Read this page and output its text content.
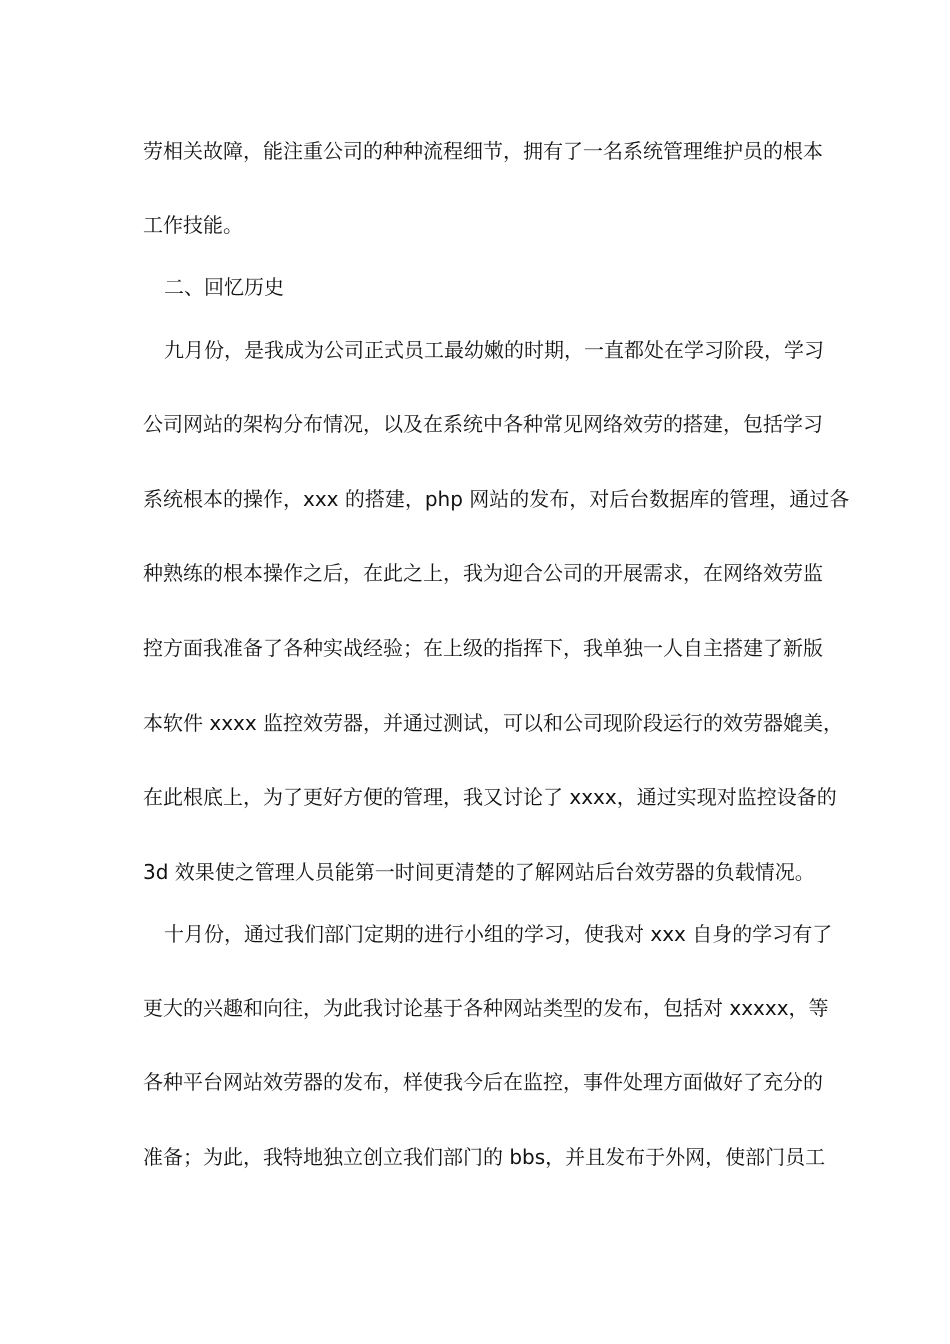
劳相关故障，能注重公司的种种流程细节，拥有了一名系统管理维护员的根本
工作技能。
二、回忆历史
九月份，是我成为公司正式员工最幼嫩的时期，一直都处在学习阶段，学习
公司网站的架构分布情况，以及在系统中各种常见网络效劳的搭建，包括学习
系统根本的操作，xxx 的搭建，php 网站的发布，对后台数据库的管理，通过各
种熟练的根本操作之后，在此之上，我为迎合公司的开展需求，在网络效劳监
控方面我准备了各种实战经验；在上级的指挥下，我单独一人自主搭建了新版
本软件 xxxx 监控效劳器，并通过测试，可以和公司现阶段运行的效劳器媲美，
在此根底上，为了更好方便的管理，我又讨论了 xxxx，通过实现对监控设备的
3d 效果使之管理人员能第一时间更清楚的了解网站后台效劳器的负载情况。
十月份，通过我们部门定期的进行小组的学习，使我对 xxx 自身的学习有了
更大的兴趣和向往，为此我讨论基于各种网站类型的发布，包括对 xxxxx，等
各种平台网站效劳器的发布，样使我今后在监控，事件处理方面做好了充分的
准备；为此，我特地独立创立我们部门的 bbs，并且发布于外网，使部门员工
